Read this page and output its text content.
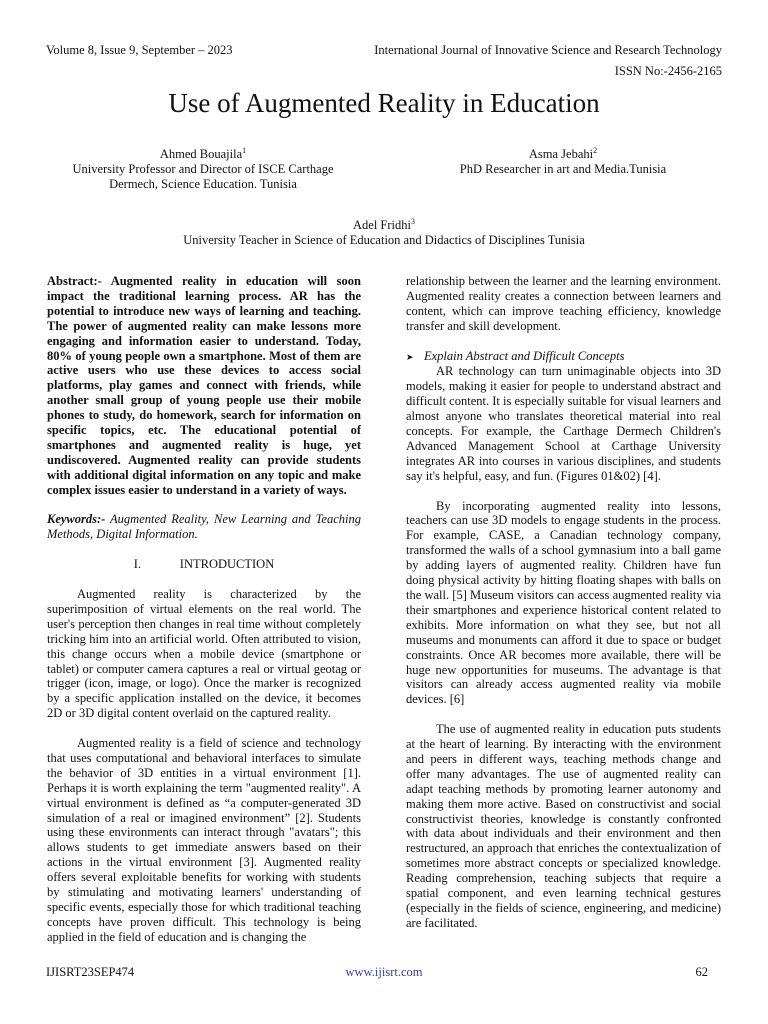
Volume 8, Issue 9, September – 2023	International Journal of Innovative Science and Research Technology
ISSN No:-2456-2165
Use of Augmented Reality in Education
Ahmed Bouajila$^1$
University Professor and Director of ISCE Carthage
Dermech, Science Education. Tunisia
Asma Jebahi$^2$
PhD Researcher in art and Media.Tunisia
Adel Fridhi$^3$
University Teacher in Science of Education and Didactics of Disciplines Tunisia

Abstract:- Augmented reality in education will soon impact the traditional learning process. AR has the potential to introduce new ways of learning and teaching. The power of augmented reality can make lessons more engaging and information easier to understand. Today, 80% of young people own a smartphone. Most of them are active users who use these devices to access social platforms, play games and connect with friends, while another small group of young people use their mobile phones to study, do homework, search for information on specific topics, etc. The educational potential of smartphones and augmented reality is huge, yet undiscovered. Augmented reality can provide students with additional digital information on any topic and make complex issues easier to understand in a variety of ways.

Keywords:- Augmented Reality, New Learning and Teaching Methods, Digital Information.

I.	INTRODUCTION

Augmented reality is characterized by the superimposition of virtual elements on the real world. The user's perception then changes in real time without completely tricking him into an artificial world. Often attributed to vision, this change occurs when a mobile device (smartphone or tablet) or computer camera captures a real or virtual geotag or trigger (icon, image, or logo). Once the marker is recognized by a specific application installed on the device, it becomes 2D or 3D digital content overlaid on the captured reality.

Augmented reality is a field of science and technology that uses computational and behavioral interfaces to simulate the behavior of 3D entities in a virtual environment [1]. Perhaps it is worth explaining the term "augmented reality". A virtual environment is defined as “a computer-generated 3D simulation of a real or imagined environment” [2]. Students using these environments can interact through "avatars"; this allows students to get immediate answers based on their actions in the virtual environment [3]. Augmented reality offers several exploitable benefits for working with students by stimulating and motivating learners' understanding of specific events, especially those for which traditional teaching concepts have proven difficult. This technology is being applied in the field of education and is changing the

relationship between the learner and the learning environment. Augmented reality creates a connection between learners and content, which can improve teaching efficiency, knowledge transfer and skill development.

➤ Explain Abstract and Difficult Concepts

AR technology can turn unimaginable objects into 3D models, making it easier for people to understand abstract and difficult content. It is especially suitable for visual learners and almost anyone who translates theoretical material into real concepts. For example, the Carthage Dermech Children's Advanced Management School at Carthage University integrates AR into courses in various disciplines, and students say it's helpful, easy, and fun. (Figures 01&02) [4].

By incorporating augmented reality into lessons, teachers can use 3D models to engage students in the process. For example, CASE, a Canadian technology company, transformed the walls of a school gymnasium into a ball game by adding layers of augmented reality. Children have fun doing physical activity by hitting floating shapes with balls on the wall. [5] Museum visitors can access augmented reality via their smartphones and experience historical content related to exhibits. More information on what they see, but not all museums and monuments can afford it due to space or budget constraints. Once AR becomes more available, there will be huge new opportunities for museums. The advantage is that visitors can already access augmented reality via mobile devices. [6]

The use of augmented reality in education puts students at the heart of learning. By interacting with the environment and peers in different ways, teaching methods change and offer many advantages. The use of augmented reality can adapt teaching methods by promoting learner autonomy and making them more active. Based on constructivist and social constructivist theories, knowledge is constantly confronted with data about individuals and their environment and then restructured, an approach that enriches the contextualization of sometimes more abstract concepts or specialized knowledge. Reading comprehension, teaching subjects that require a spatial component, and even learning technical gestures (especially in the fields of science, engineering, and medicine) are facilitated.

IJISRT23SEP474	www.ijisrt.com	62
